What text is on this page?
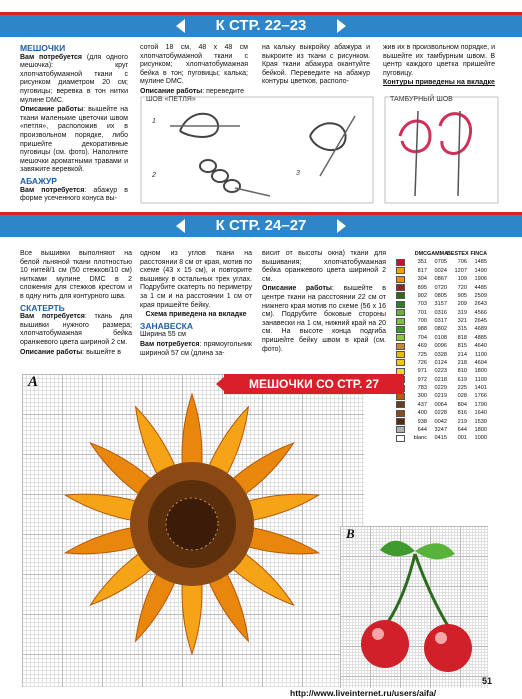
К СТР. 22–23
МЕШОЧКИ

Вам потребуется (для одного мешочка): круг хлопчатобумажной ткани с рисунком диаметром 20 см; пуговицы; веревка в тон нитки мулине DMC.

Описание работы: вышейте на ткани маленькие цветочки швом «петля», расположив их в произвольном порядке, либо пришейте декоративные пуговицы (см. фото). Наполните мешочки ароматными травами и завяжите веревкой.

АБАЖУР

Вам потребуется: абажур в форме усеченного конуса вы-

сотой 18 см, 48 x 48 см хлопчатобумажной ткани с рисунком; хлопчатобумажная бейка в тон; пуговицы; калька; мулине DMC.

Описание работы: переведите

на кальку выкройку абажура и выкроите из ткани с рисунком. Края ткани абажура окантуйте бейкой. Переведите на абажур контуры цветков, располо-

жив их в произвольном порядке, и вышейте их тамбурным швом. В центр каждого цветка пришейте пуговицу.

Контуры приведены на вкладке

ШОВ «ПЕТЛЯ»	ТАМБУРНЫЙ ШОВ
1
2	3
К СТР. 24–27

Все вышивки выполняют на белой льняной ткани плотностью 10 нитей/1 см (50 стежков/10 см) нитками мулине DMC в 2 сложения для стежков крестом и в одну нить для контурного шва.

СКАТЕРТЬ

Вам потребуется: ткань для вышивки нужного размера; хлопчатобумажная бейка оранжевого цвета шириной 2 см.

Описание работы: вышейте в

одном из углов ткани на расстоянии 8 см от края, мотив по схеме (43 x 15 см), и повторите вышивку в остальных трех углах. Подрубите скатерть по периметру за 1 см и на расстоянии 1 см от края пришейте бейку.

Схема приведена на вкладке

ЗАНАВЕСКА

Ширина 55 см

Вам потребуется: прямоугольник шириной 57 см (длина за-

висит от высоты окна) ткани для вышивания; хлопчатобумажная бейка оранжевого цвета шириной 2 см.

Описание работы: вышейте в центре ткани на расстоянии 22 см от нижнего края мотив по схеме (56 x 16 см). Подрубите боковые стороны занавески на 1 см, нижний край на 20 см. На высоте конца подгиба пришейте бейку швом в край (см. фото).

DMC GAMMA BESTEX FINCA
351	0705	706	1485
817	0024	1207	1490
304	0867	109	1906
895	0720	720	4485
902	0805	905	2509
703	3157	209	2643
701	0316	319	4566
700	0317	321	2645
988	0802	315	4689
704	0108	818	4885
469	0096	815	4640
725	0328	214	1100
726	0124	218	4604
971	0223	810	1800
972	0218	619	1100
783	0229	225	1401
300	0219	028	1766
437	0064	804	1790
400	0228	816	1640
938	0042	219	1530
644	3247	644	1800
blanc	0415	001	1000
A	МЕШОЧКИ СО СТР. 27
B
http://www.liveinternet.ru/users/aifa/
51
